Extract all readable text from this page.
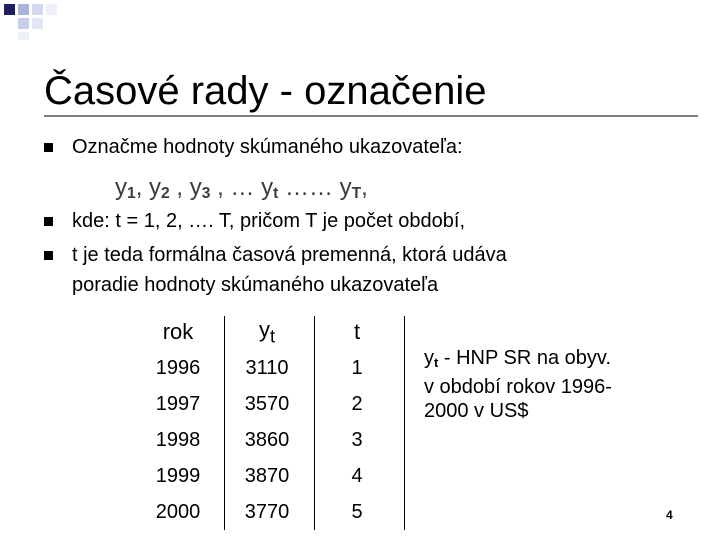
Časové rady - označenie
Označme hodnoty skúmaného ukazovateľa:
$y_1$, $y_2$ , $y_3$ , … $y_t$ …… $y_T$,
kde: t = 1, 2, …. T, pričom T je počet období,
t je teda formálna časová premenná, ktorá udáva
poradie hodnoty skúmaného ukazovateľa
rok	$y_t$	t
1996	3110	1
1997	3570	2
1998	3860	3
1999	3870	4
2000	3770	5
$y_t$ - HNP SR na obyv.
v období rokov 1996-
2000 v US$
4
